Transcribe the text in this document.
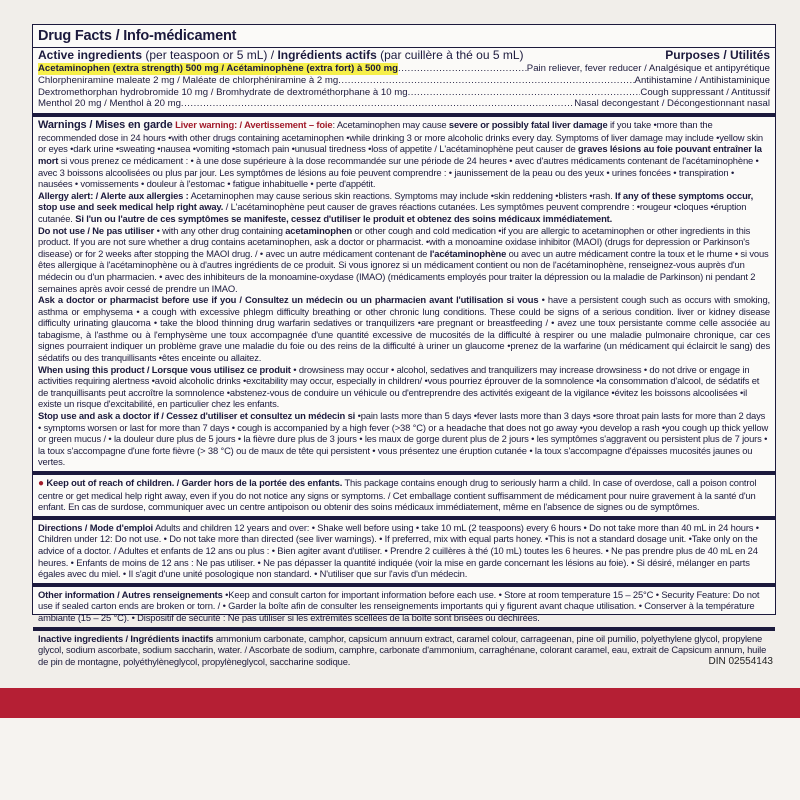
Drug Facts / Info-médicament
Active ingredients (per teaspoon or 5 mL) / Ingrédients actifs (par cuillère à thé ou 5 mL)	Purposes / Utilités
Acetaminophen (extra strength) 500 mg / Acétaminophène (extra fort) à 500 mg .....	Pain reliever, fever reducer / Analgésique et antipyrétique
Chlorpheniramine maleate 2 mg / Maléate de chlorphéniramine à 2 mg .....	Antihistamine / Antihistaminique
Dextromethorphan hydrobromide 10 mg / Bromhydrate de dextrométhorphane à 10 mg .....	Cough suppressant / Antitussif
Menthol 20 mg / Menthol à 20 mg .....	Nasal decongestant / Décongestionnant nasal

Warnings / Mises en garde Liver warning: / Avertissement – foie: Acetaminophen may cause severe or possibly fatal liver damage if you take •more than the recommended dose in 24 hours •with other drugs containing acetaminophen •while drinking 3 or more alcoholic drinks every day. Symptoms of liver damage may include •yellow skin or eyes •dark urine •sweating •nausea •vomiting •stomach pain •unusual tiredness •loss of appetite / L'acétaminophène peut causer de graves lésions au foie pouvant entraîner la mort si vous prenez ce médicament : • à une dose supérieure à la dose recommandée sur une période de 24 heures • avec d'autres médicaments contenant de l'acétaminophène • avec 3 boissons alcoolisées ou plus par jour. Les symptômes de lésions au foie peuvent comprendre : • jaunissement de la peau ou des yeux • urines foncées • transpiration • nausées • vomissements • douleur à l'estomac • fatigue inhabituelle • perte d'appétit.

Allergy alert: / Alerte aux allergies : Acetaminophen may cause serious skin reactions. Symptoms may include •skin reddening •blisters •rash. If any of these symptoms occur, stop use and seek medical help right away. / L'acétaminophène peut causer de graves réactions cutanées. Les symptômes peuvent comprendre : •rougeur •cloques •éruption cutanée. Si l'un ou l'autre de ces symptômes se manifeste, cessez d'utiliser le produit et obtenez des soins médicaux immédiatement.

Do not use / Ne pas utiliser • with any other drug containing acetaminophen or other cough and cold medication •if you are allergic to acetaminophen or other ingredients in this product. If you are not sure whether a drug contains acetaminophen, ask a doctor or pharmacist. •with a monoamine oxidase inhibitor (MAOI) (drugs for depression or Parkinson's disease) or for 2 weeks after stopping the MAOI drug. / • avec un autre médicament contenant de l'acétaminophène ou avec un autre médicament contre la toux et le rhume • si vous êtes allergique à l'acétaminophène ou à d'autres ingrédients de ce produit. Si vous ignorez si un médicament contient ou non de l'acétaminophène, renseignez-vous auprès d'un médecin ou d'un pharmacien. • avec des inhibiteurs de la monoamine-oxydase (IMAO) (médicaments employés pour traiter la dépression ou la maladie de Parkinson) ni pendant 2 semaines après avoir cessé de prendre un IMAO.

Ask a doctor or pharmacist before use if you / Consultez un médecin ou un pharmacien avant l'utilisation si vous • have a persistent cough such as occurs with smoking, asthma or emphysema • a cough with excessive phlegm difficulty breathing or other chronic lung conditions. These could be signs of a serious condition. liver or kidney disease difficulty urinating glaucoma • take the blood thinning drug warfarin sedatives or tranquilizers •are pregnant or breastfeeding / • avez une toux persistante comme celle associée au tabagisme, à l'asthme ou à l'emphysème une toux accompagnée d'une quantité excessive de mucosités de la difficulté à respirer ou une maladie pulmonaire chronique, car ces signes pourraient indiquer un problème grave une maladie du foie ou des reins de la difficulté à uriner un glaucome •prenez de la warfarine (un médicament qui éclaircit le sang) des sédatifs ou des tranquillisants •êtes enceinte ou allaitez.

When using this product / Lorsque vous utilisez ce produit • drowsiness may occur • alcohol, sedatives and tranquilizers may increase drowsiness • do not drive or engage in activities requiring alertness •avoid alcoholic drinks •excitability may occur, especially in children/ •vous pourriez éprouver de la somnolence •la consommation d'alcool, de sédatifs et de tranquillisants peut accroître la somnolence •abstenez-vous de conduire un véhicule ou d'entreprendre des activités exigeant de la vigilance •évitez les boissons alcoolisées •il existe un risque d'excitabilité, en particulier chez les enfants.

Stop use and ask a doctor if / Cessez d'utiliser et consultez un médecin si •pain lasts more than 5 days •fever lasts more than 3 days •sore throat pain lasts for more than 2 days • symptoms worsen or last for more than 7 days • cough is accompanied by a high fever (>38 °C) or a headache that does not go away •you develop a rash •you cough up thick yellow or green mucus / • la douleur dure plus de 5 jours • la fièvre dure plus de 3 jours • les maux de gorge durent plus de 2 jours • les symptômes s'aggravent ou persistent plus de 7 jours • la toux s'accompagne d'une forte fièvre (> 38 °C) ou de maux de tête qui persistent • vous présentez une éruption cutanée • la toux s'accompagne d'épaisses mucosités jaunes ou vertes.

● Keep out of reach of children. / Garder hors de la portée des enfants. This package contains enough drug to seriously harm a child. In case of overdose, call a poison control centre or get medical help right away, even if you do not notice any signs or symptoms. / Cet emballage contient suffisamment de médicament pour nuire gravement à la santé d'un enfant. En cas de surdose, communiquer avec un centre antipoison ou obtenir des soins médicaux immédiatement, même en l'absence de signes ou de symptômes.

Directions / Mode d'emploi Adults and children 12 years and over: • Shake well before using • take 10 mL (2 teaspoons) every 6 hours • Do not take more than 40 mL in 24 hours • Children under 12: Do not use. • Do not take more than directed (see liver warnings). • If preferred, mix with equal parts honey. •This is not a standard dosage unit. •Take only on the advice of a doctor. / Adultes et enfants de 12 ans ou plus : • Bien agiter avant d'utiliser. • Prendre 2 cuillères à thé (10 mL) toutes les 6 heures. • Ne pas prendre plus de 40 mL en 24 heures. • Enfants de moins de 12 ans : Ne pas utiliser. • Ne pas dépasser la quantité indiquée (voir la mise en garde concernant les lésions au foie). • Si désiré, mélanger en parts égales avec du miel. • Il s'agit d'une unité posologique non standard. • N'utiliser que sur l'avis d'un médecin.

Other information / Autres renseignements •Keep and consult carton for important information before each use. • Store at room temperature 15 – 25°C • Security Feature: Do not use if sealed carton ends are broken or torn. / • Garder la boîte afin de consulter les renseignements importants qui y figurent avant chaque utilisation. • Conserver à la température ambiante (15 – 25 °C). • Dispositif de sécurité : Ne pas utiliser si les extrémités scellées de la boîte sont brisées ou déchirées.

Inactive ingredients / Ingrédients inactifs ammonium carbonate, camphor, capsicum annuum extract, caramel colour, carrageenan, pine oil pumilio, polyethylene glycol, propylene glycol, sodium ascorbate, sodium saccharin, water. / Ascorbate de sodium, camphre, carbonate d'ammonium, carraghénane, colorant caramel, eau, extrait de Capsicum annum, huile de pin de montagne, polyéthylèneglycol, propylèneglycol, saccharine sodique.	DIN 02554143
